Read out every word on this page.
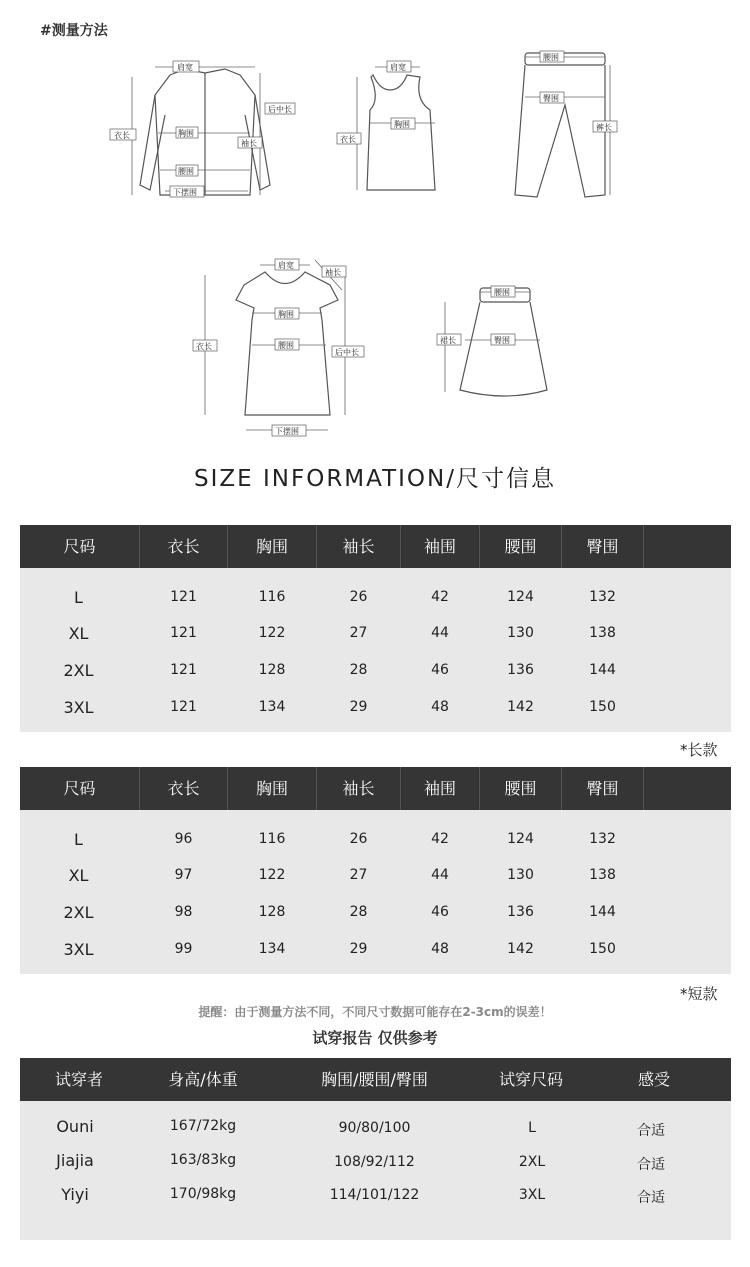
#测量方法
肩宽
后中长
衣长	胸围
袖长
腰围
下摆围
肩宽
衣长
胸围
腰围
臀围
裤长
肩宽
袖长
胸围
腰围
衣长
后中长
下摆围
腰围
裙长	臀围
SIZE INFORMATION/尺寸信息
尺码	衣长	胸围	袖长	袖围	腰围	臀围
L	121	116	26	42	124	132
XL	121	122	27	44	130	138
2XL	121	128	28	46	136	144
3XL	121	134	29	48	142	150
*长款
尺码	衣长	胸围	袖长	袖围	腰围	臀围
L	96	116	26	42	124	132
XL	97	122	27	44	130	138
2XL	98	128	28	46	136	144
3XL	99	134	29	48	142	150
*短款
提醒：由于测量方法不同，不同尺寸数据可能存在2-3cm的误差！
试穿报告 仅供参考
试穿者	身高/体重	胸围/腰围/臀围	试穿尺码	感受
Ouni	167/72kg	90/80/100	L	合适
Jiajia	163/83kg	108/92/112	2XL	合适
Yiyi	170/98kg	114/101/122	3XL	合适
